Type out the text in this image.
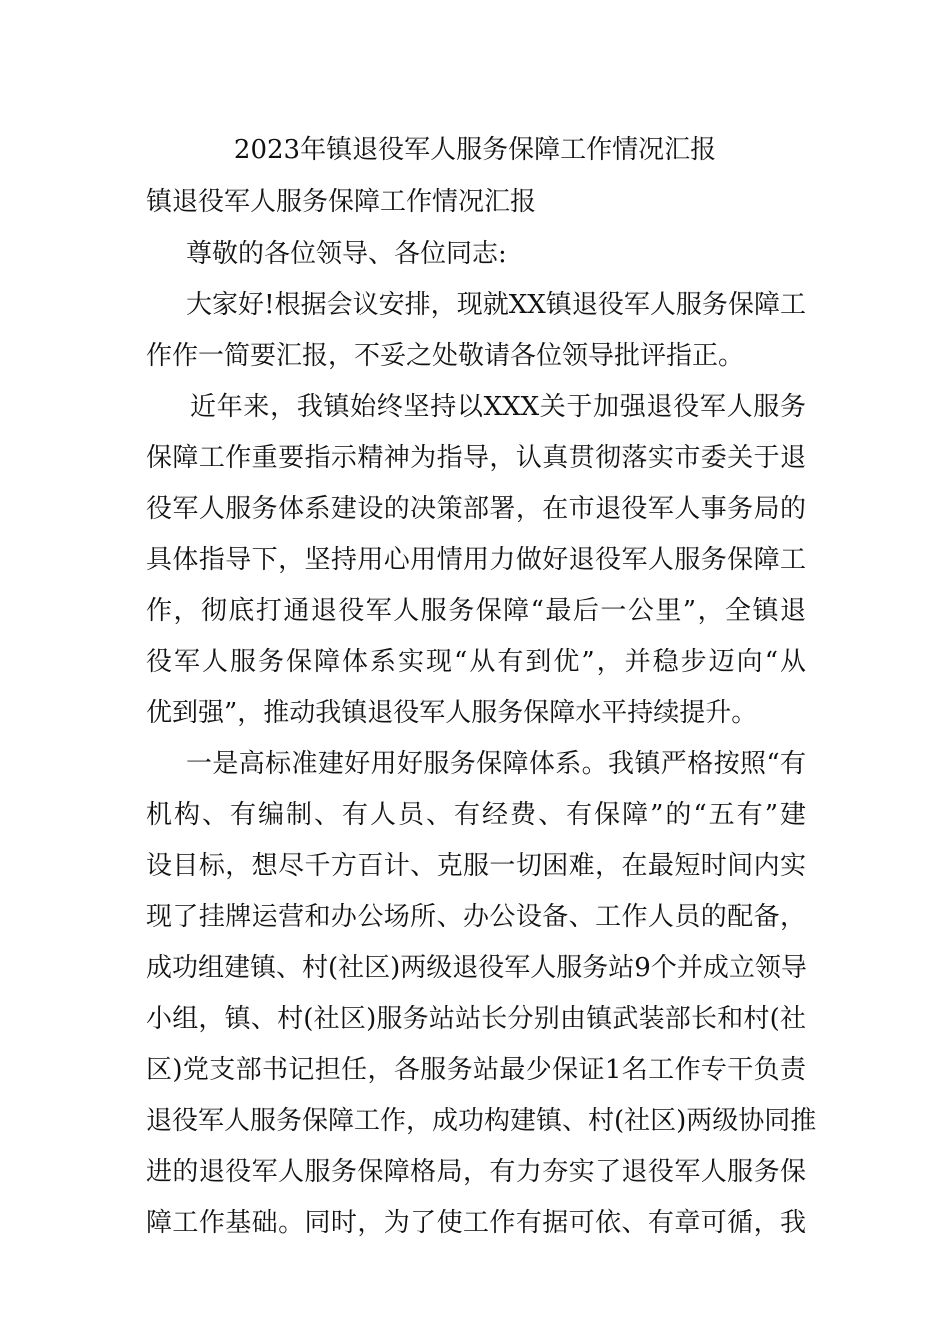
2023年镇退役军人服务保障工作情况汇报
镇退役军人服务保障工作情况汇报
尊敬的各位领导、各位同志:
大家好!根据会议安排，现就XX镇退役军人服务保障工
作作一简要汇报，不妥之处敬请各位领导批评指正。
近年来，我镇始终坚持以XXX关于加强退役军人服务
保障工作重要指示精神为指导，认真贯彻落实市委关于退
役军人服务体系建设的决策部署，在市退役军人事务局的
具体指导下，坚持用心用情用力做好退役军人服务保障工
作，彻底打通退役军人服务保障“最后一公里”，全镇退
役军人服务保障体系实现“从有到优”，并稳步迈向“从
优到强”，推动我镇退役军人服务保障水平持续提升。
一是高标准建好用好服务保障体系。我镇严格按照“有
机构、有编制、有人员、有经费、有保障”的“五有”建
设目标，想尽千方百计、克服一切困难，在最短时间内实
现了挂牌运营和办公场所、办公设备、工作人员的配备，
成功组建镇、村(社区)两级退役军人服务站9个并成立领导
小组，镇、村(社区)服务站站长分别由镇武装部长和村(社
区)党支部书记担任，各服务站最少保证1名工作专干负责
退役军人服务保障工作，成功构建镇、村(社区)两级协同推
进的退役军人服务保障格局，有力夯实了退役军人服务保
障工作基础。同时，为了使工作有据可依、有章可循，我
